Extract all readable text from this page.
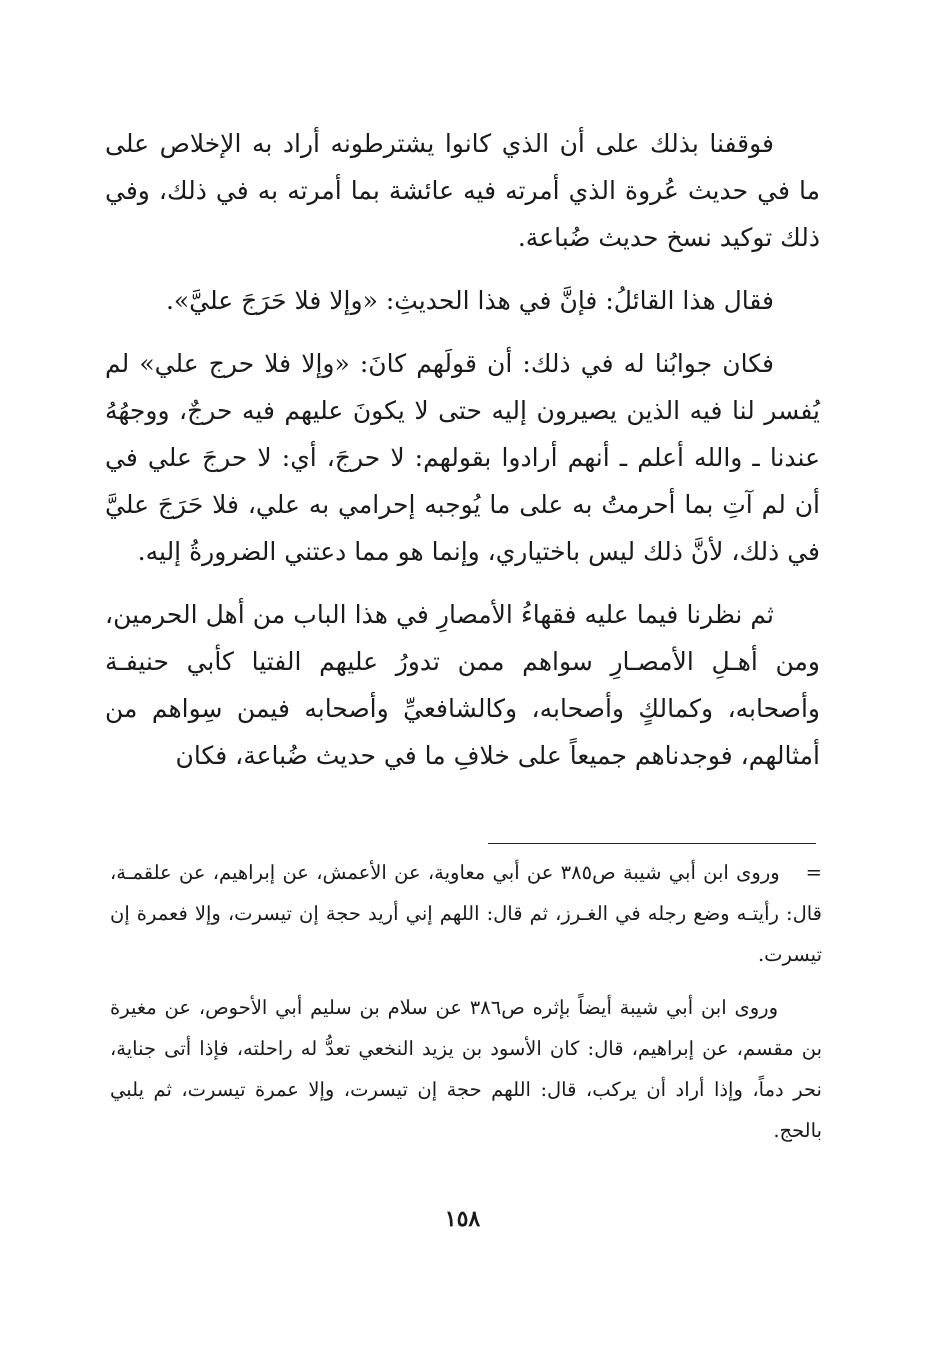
فوقفنا بذلك على أن الذي كانوا يشترطونه أراد به الإخلاص على ما في حديث عُروة الذي أمرته فيه عائشة بما أمرته به في ذلك، وفي ذلك توكيد نسخ حديث ضُباعة.

فقال هذا القائلُ: فإنَّ في هذا الحديثِ: «وإلا فلا حَرَجَ عليَّ».

فكان جوابُنا له في ذلك: أن قولَهم كانَ: «وإلا فلا حرج علي» لم يُفسر لنا فيه الذين يصيرون إليه حتى لا يكونَ عليهم فيه حرجٌ، ووجهُهُ عندنا ـ والله أعلم ـ أنهم أرادوا بقولهم: لا حرجَ، أي: لا حرجَ علي في أن لم آتِ بما أحرمتُ به على ما يُوجبه إحرامي به علي، فلا حَرَجَ عليَّ في ذلك، لأنَّ ذلك ليس باختياري، وإنما هو مما دعتني الضرورةُ إليه.

ثم نظرنا فيما عليه فقهاءُ الأمصارِ في هذا الباب من أهل الحرمين، ومن أهـلِ الأمصـارِ سواهم ممن تدورُ عليهم الفتيا كأبي حنيفـة وأصحابه، وكمالكٍ وأصحابه، وكالشافعيِّ وأصحابه فيمن سِواهم من أمثالهم، فوجدناهم جميعاً على خلافِ ما في حديث ضُباعة، فكان

=وروى ابن أبي شيبة ص٣٨٥ عن أبي معاوية، عن الأعمش، عن إبراهيم، عن علقمـة، قال: رأيتـه وضع رجله في الغـرز، ثم قال: اللهم إني أريد حجة إن تيسرت، وإلا فعمرة إن تيسرت.

وروى ابن أبي شيبة أيضاً بإثره ص٣٨٦ عن سلام بن سليم أبي الأحوص، عن مغيرة بن مقسم، عن إبراهيم، قال: كان الأسود بن يزيد النخعي تعدُّ له راحلته، فإذا أتى جناية، نحر دماً، وإذا أراد أن يركب، قال: اللهم حجة إن تيسرت، وإلا عمرة تيسرت، ثم يلبي بالحج.

١٥٨
